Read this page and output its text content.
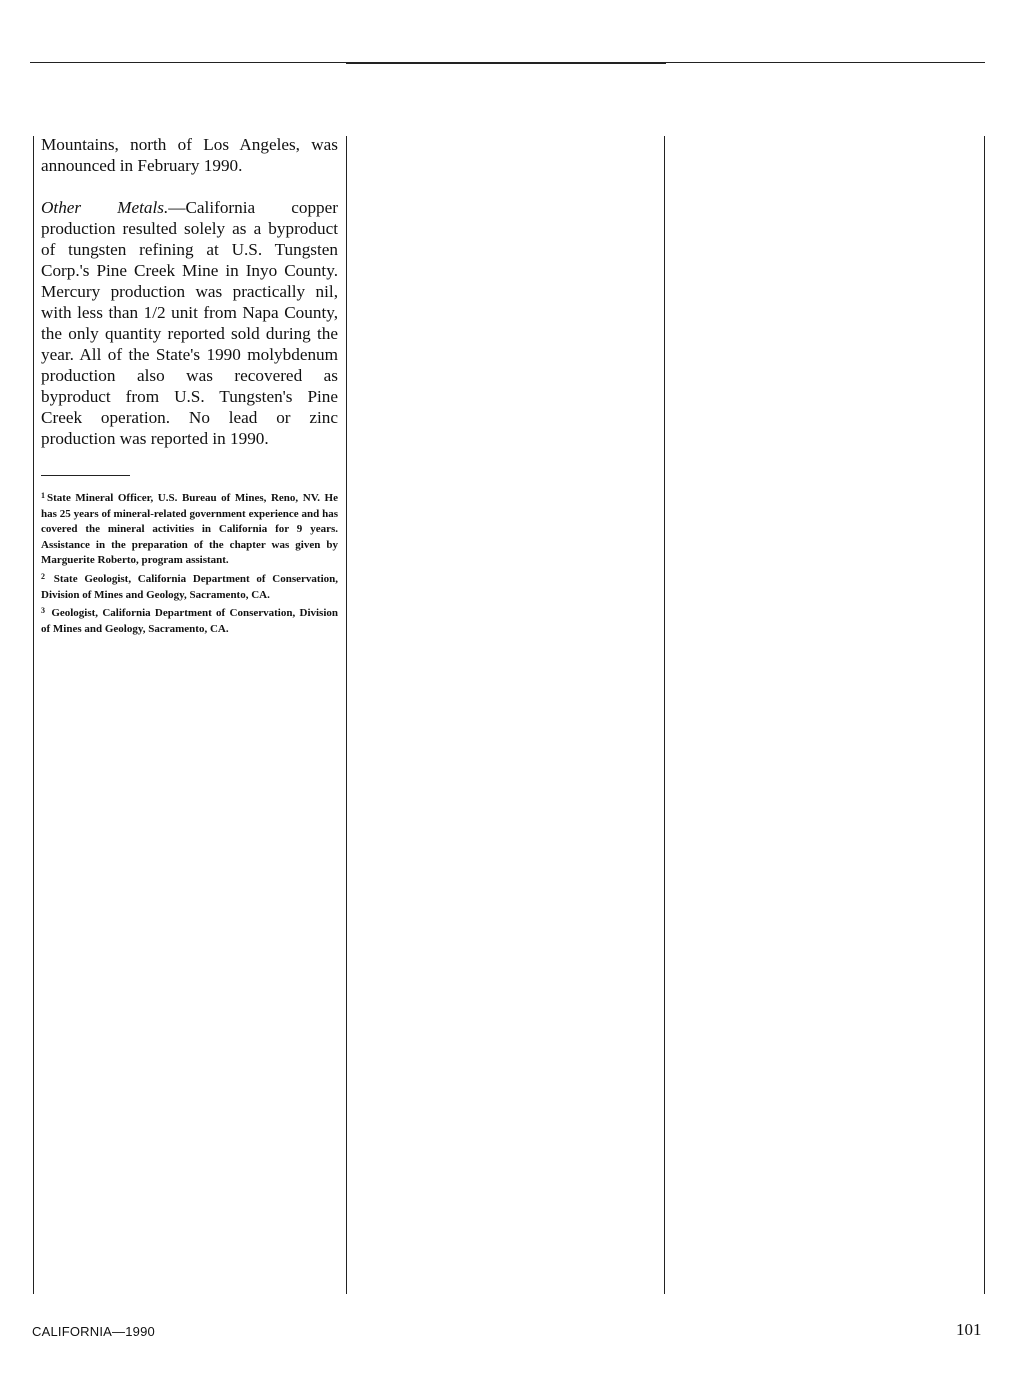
Mountains, north of Los Angeles, was announced in February 1990.

Other Metals.—California copper production resulted solely as a byproduct of tungsten refining at U.S. Tungsten Corp.'s Pine Creek Mine in Inyo County. Mercury production was practically nil, with less than 1/2 unit from Napa County, the only quantity reported sold during the year. All of the State's 1990 molybdenum production also was recovered as byproduct from U.S. Tungsten's Pine Creek operation. No lead or zinc production was reported in 1990.

$^1$ State Mineral Officer, U.S. Bureau of Mines, Reno, NV. He has 25 years of mineral-related government experience and has covered the mineral activities in California for 9 years. Assistance in the preparation of the chapter was given by Marguerite Roberto, program assistant.

$^2$ State Geologist, California Department of Conservation, Division of Mines and Geology, Sacramento, CA.

$^3$ Geologist, California Department of Conservation, Division of Mines and Geology, Sacramento, CA.

CALIFORNIA—1990	101
